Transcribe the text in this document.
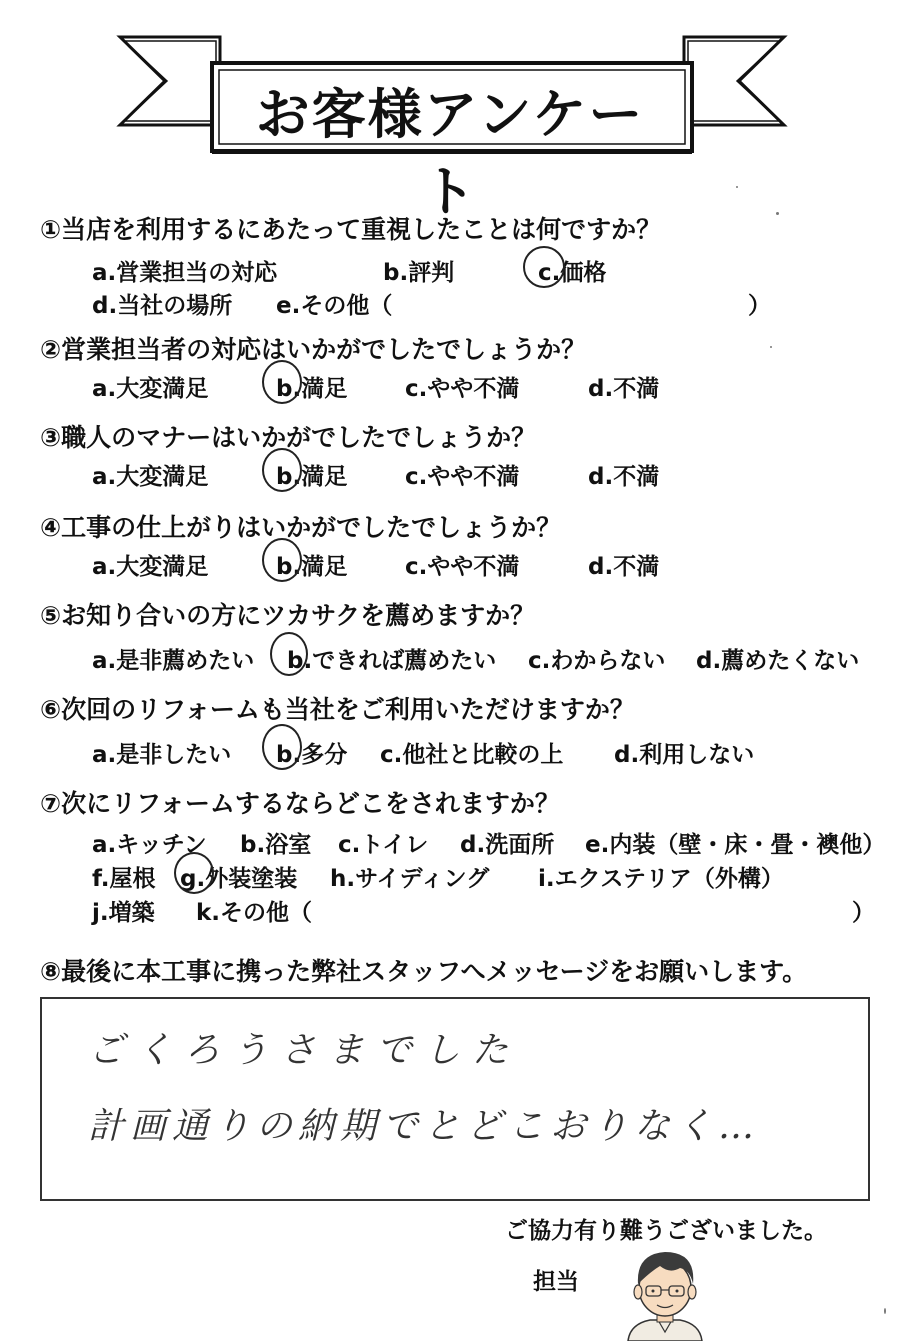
お客様アンケート
①当店を利用するにあたって重視したことは何ですか？
a.営業担当の対応	b.評判	c.価格
d.当社の場所 e.その他（	）
②営業担当者の対応はいかがでしたでしょうか？
a.大変満足	b.満足	c.やや不満	d.不満
③職人のマナーはいかがでしたでしょうか？
a.大変満足	b.満足	c.やや不満	d.不満
④工事の仕上がりはいかがでしたでしょうか？
a.大変満足	b.満足	c.やや不満	d.不満
⑤お知り合いの方にツカサクを薦めますか？
a.是非薦めたい b.できれば薦めたい c.わからない d.薦めたくない
⑥次回のリフォームも当社をご利用いただけますか？
a.是非したい b.多分 c.他社と比較の上 d.利用しない
⑦次にリフォームするならどこをされますか？
a.キッチン b.浴室 c.トイレ d.洗面所 e.内装（壁・床・畳・襖他）
f.屋根 g.外装塗装 h.サイディング i.エクステリア（外構）
j.増築 k.その他（	）
⑧最後に本工事に携った弊社スタッフへメッセージをお願いします。
ごくろうさまでした
計画通りの納期でとどこおりなく…
ご協力有り難うございました。
担当
